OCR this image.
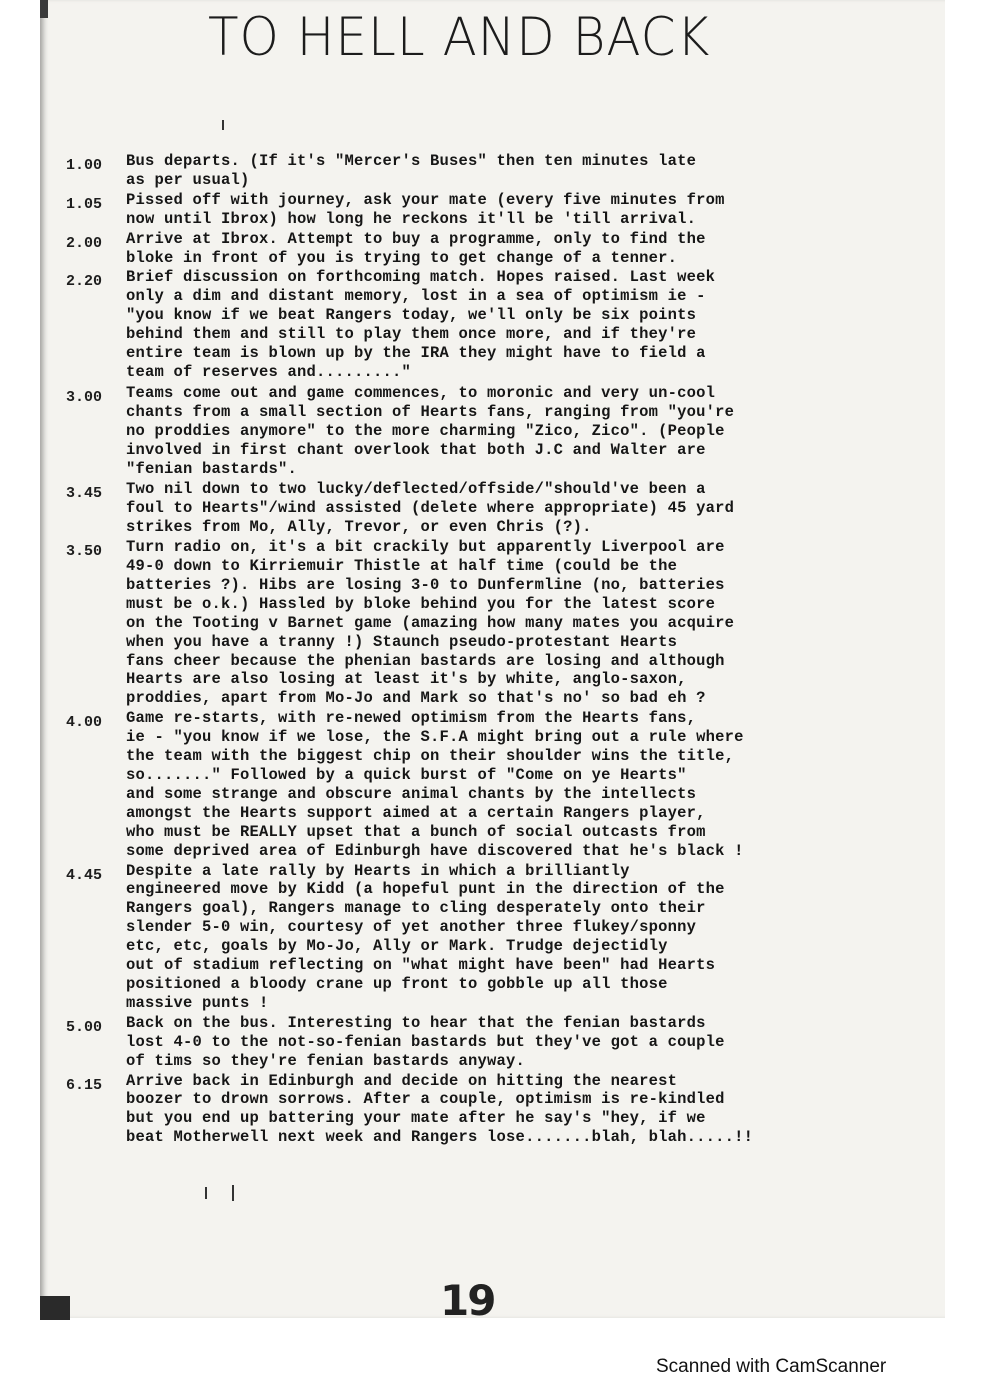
TO HELL AND BACK
1.00	Bus departs. (If it's "Mercer's Buses" then ten minutes late
as per usual)
1.05	Pissed off with journey, ask your mate (every five minutes from
now until Ibrox) how long he reckons it'll be 'till arrival.
2.00	Arrive at Ibrox. Attempt to buy a programme, only to find the
bloke in front of you is trying to get change of a tenner.
2.20	Brief discussion on forthcoming match. Hopes raised. Last week
only a dim and distant memory, lost in a sea of optimism ie -
"you know if we beat Rangers today, we'll only be six points
behind them and still to play them once more, and if they're
entire team is blown up by the IRA they might have to field a
team of reserves and........."
3.00	Teams come out and game commences, to moronic and very un-cool
chants from a small section of Hearts fans, ranging from "you're
no proddies anymore" to the more charming "Zico, Zico". (People
involved in first chant overlook that both J.C and Walter are
"fenian bastards".
3.45	Two nil down to two lucky/deflected/offside/"should've been a
foul to Hearts"/wind assisted (delete where appropriate) 45 yard
strikes from Mo, Ally, Trevor, or even Chris (?).
3.50	Turn radio on, it's a bit crackily but apparently Liverpool are
49-0 down to Kirriemuir Thistle at half time (could be the
batteries ?). Hibs are losing 3-0 to Dunfermline (no, batteries
must be o.k.) Hassled by bloke behind you for the latest score
on the Tooting v Barnet game (amazing how many mates you acquire
when you have a tranny !) Staunch pseudo-protestant Hearts
fans cheer because the phenian bastards are losing and although
Hearts are also losing at least it's by white, anglo-saxon,
proddies, apart from Mo-Jo and Mark so that's no' so bad eh ?
4.00	Game re-starts, with re-newed optimism from the Hearts fans,
ie - "you know if we lose, the S.F.A might bring out a rule where
the team with the biggest chip on their shoulder wins the title,
so......." Followed by a quick burst of "Come on ye Hearts"
and some strange and obscure animal chants by the intellects
amongst the Hearts support aimed at a certain Rangers player,
who must be REALLY upset that a bunch of social outcasts from
some deprived area of Edinburgh have discovered that he's black !
4.45	Despite a late rally by Hearts in which a brilliantly
engineered move by Kidd (a hopeful punt in the direction of the
Rangers goal), Rangers manage to cling desperately onto their
slender 5-0 win, courtesy of yet another three flukey/sponny
etc, etc, goals by Mo-Jo, Ally or Mark. Trudge dejectidly
out of stadium reflecting on "what might have been" had Hearts
positioned a bloody crane up front to gobble up all those
massive punts !
5.00	Back on the bus. Interesting to hear that the fenian bastards
lost 4-0 to the not-so-fenian bastards but they've got a couple
of tims so they're fenian bastards anyway.
6.15	Arrive back in Edinburgh and decide on hitting the nearest
boozer to drown sorrows. After a couple, optimism is re-kindled
but you end up battering your mate after he say's "hey, if we
beat Motherwell next week and Rangers lose.......blah, blah.....!!
19
Scanned with CamScanner
